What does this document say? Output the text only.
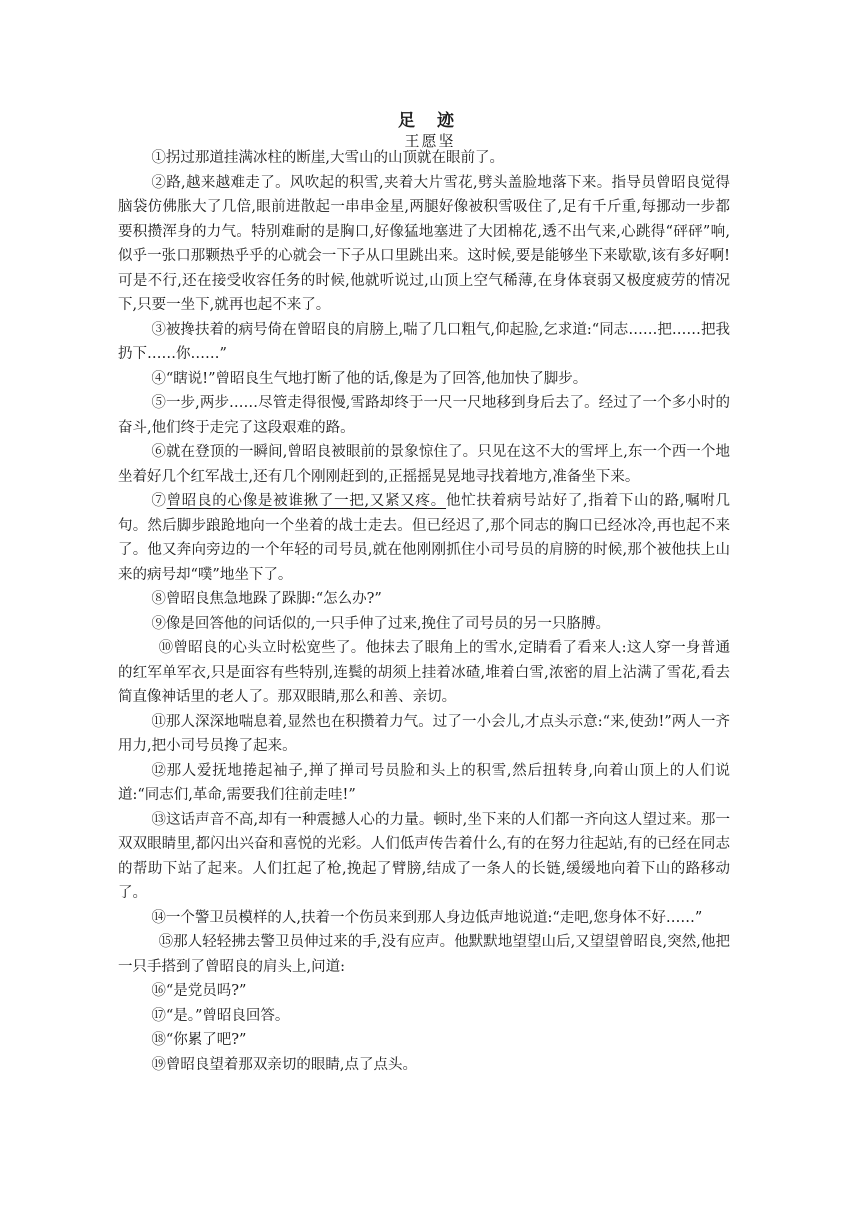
足 迹
王愿坚

①拐过那道挂满冰柱的断崖,大雪山的山顶就在眼前了。

②路,越来越难走了。风吹起的积雪,夹着大片雪花,劈头盖脸地落下来。指导员曾昭良觉得脑袋仿佛胀大了几倍,眼前进散起一串串金星,两腿好像被积雪吸住了,足有千斤重,每挪动一步都要积攒浑身的力气。特别难耐的是胸口,好像猛地塞进了大团棉花,透不出气来,心跳得“砰砰”响,似乎一张口那颗热乎乎的心就会一下子从口里跳出来。这时候,要是能够坐下来歇歇,该有多好啊!可是不行,还在接受收容任务的时候,他就听说过,山顶上空气稀薄,在身体衰弱又极度疲劳的情况下,只要一坐下,就再也起不来了。

③被搀扶着的病号倚在曾昭良的肩膀上,喘了几口粗气,仰起脸,乞求道:“同志……把……把我扔下……你……”

④“瞎说!”曾昭良生气地打断了他的话,像是为了回答,他加快了脚步。

⑤一步,两步……尽管走得很慢,雪路却终于一尺一尺地移到身后去了。经过了一个多小时的奋斗,他们终于走完了这段艰难的路。

⑥就在登顶的一瞬间,曾昭良被眼前的景象惊住了。只见在这不大的雪坪上,东一个西一个地坐着好几个红军战士,还有几个刚刚赶到的,正摇摇晃晃地寻找着地方,准备坐下来。

⑦曾昭良的心像是被谁揪了一把,又紧又疼。他忙扶着病号站好了,指着下山的路,嘱咐几句。然后脚步踉跄地向一个坐着的战士走去。但已经迟了,那个同志的胸口已经冰冷,再也起不来了。他又奔向旁边的一个年轻的司号员,就在他刚刚抓住小司号员的肩膀的时候,那个被他扶上山来的病号却“噗”地坐下了。

⑧曾昭良焦急地跺了跺脚:“怎么办?”

⑨像是回答他的问话似的,一只手伸了过来,挽住了司号员的另一只胳膊。

⑩曾昭良的心头立时松宽些了。他抹去了眼角上的雪水,定睛看了看来人:这人穿一身普通的红军单军衣,只是面容有些特别,连鬓的胡须上挂着冰碴,堆着白雪,浓密的眉上沾满了雪花,看去简直像神话里的老人了。那双眼睛,那么和善、亲切。

⑪那人深深地喘息着,显然也在积攒着力气。过了一小会儿,才点头示意:“来,使劲!”两人一齐用力,把小司号员搀了起来。

⑫那人爱抚地捲起袖子,掸了掸司号员脸和头上的积雪,然后扭转身,向着山顶上的人们说道:“同志们,革命,需要我们往前走哇!”

⑬这话声音不高,却有一种震撼人心的力量。顿时,坐下来的人们都一齐向这人望过来。那一双双眼睛里,都闪出兴奋和喜悦的光彩。人们低声传告着什么,有的在努力往起站,有的已经在同志的帮助下站了起来。人们扛起了枪,挽起了臂膀,结成了一条人的长链,缓缓地向着下山的路移动了。

⑭一个警卫员模样的人,扶着一个伤员来到那人身边低声地说道:“走吧,您身体不好……”

⑮那人轻轻拂去警卫员伸过来的手,没有应声。他默默地望望山后,又望望曾昭良,突然,他把一只手搭到了曾昭良的肩头上,问道:

⑯“是党员吗?”

⑰“是。”曾昭良回答。

⑱“你累了吧?”

⑲曾昭良望着那双亲切的眼睛,点了点头。
